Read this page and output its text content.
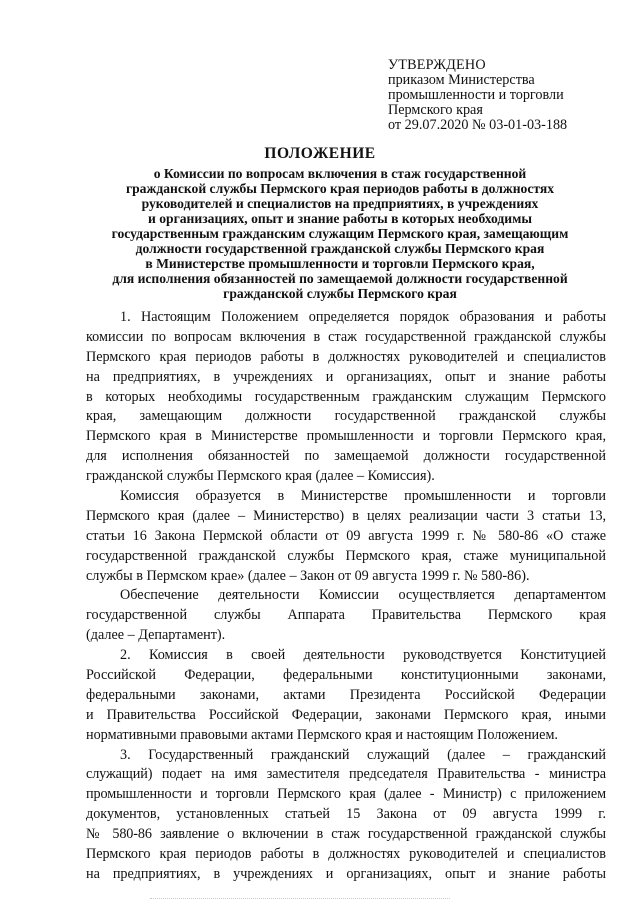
УТВЕРЖДЕНО
приказом Министерства
промышленности и торговли
Пермского края
от 29.07.2020 № 03-01-03-188
ПОЛОЖЕНИЕ
о Комиссии по вопросам включения в стаж государственной
гражданской службы Пермского края периодов работы в должностях
руководителей и специалистов на предприятиях, в учреждениях
и организациях, опыт и знание работы в которых необходимы
государственным гражданским служащим Пермского края, замещающим
должности государственной гражданской службы Пермского края
в Министерстве промышленности и торговли Пермского края,
для исполнения обязанностей по замещаемой должности государственной
гражданской службы Пермского края
1. Настоящим Положением определяется порядок образования и работы
комиссии по вопросам включения в стаж государственной гражданской службы
Пермского края периодов работы в должностях руководителей и специалистов
на предприятиях, в учреждениях и организациях, опыт и знание работы
в которых необходимы государственным гражданским служащим Пермского
края, замещающим должности государственной гражданской службы
Пермского края в Министерстве промышленности и торговли Пермского края,
для исполнения обязанностей по замещаемой должности государственной
гражданской службы Пермского края (далее – Комиссия).
Комиссия образуется в Министерстве промышленности и торговли
Пермского края (далее – Министерство) в целях реализации части 3 статьи 13,
статьи 16 Закона Пермской области от 09 августа 1999 г. № 580-86 «О стаже
государственной гражданской службы Пермского края, стаже муниципальной
службы в Пермском крае» (далее – Закон от 09 августа 1999 г. № 580-86).
Обеспечение деятельности Комиссии осуществляется департаментом
государственной службы Аппарата Правительства Пермского края
(далее – Департамент).
2. Комиссия в своей деятельности руководствуется Конституцией
Российской Федерации, федеральными конституционными законами,
федеральными законами, актами Президента Российской Федерации
и Правительства Российской Федерации, законами Пермского края, иными
нормативными правовыми актами Пермского края и настоящим Положением.
3. Государственный гражданский служащий (далее – гражданский
служащий) подает на имя заместителя председателя Правительства - министра
промышленности и торговли Пермского края (далее - Министр) с приложением
документов, установленных статьей 15 Закона от 09 августа 1999 г.
№ 580-86 заявление о включении в стаж государственной гражданской службы
Пермского края периодов работы в должностях руководителей и специалистов
на предприятиях, в учреждениях и организациях, опыт и знание работы
